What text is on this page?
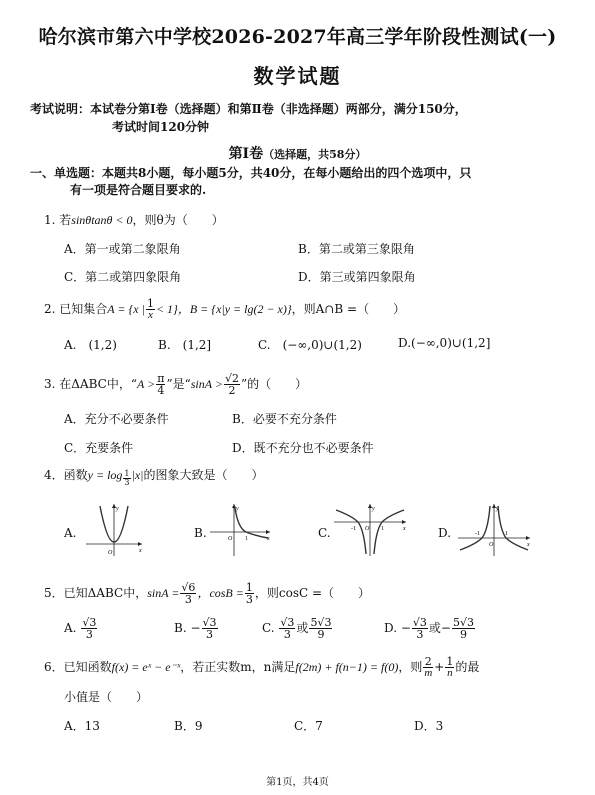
哈尔滨市第六中学校2026-2027年高三学年阶段性测试(一)
数学试题
考试说明：本试卷分第Ⅰ卷（选择题）和第Ⅱ卷（非选择题）两部分，满分150分，
考试时间120分钟
第Ⅰ卷（选择题，共58分）
一、单选题：本题共8小题，每小题5分，共40分，在每小题给出的四个选项中，只
有一项是符合题目要求的.
1. 若sinθtanθ < 0，则θ为（　　）
A．第一或第二象限角	B．第二或第三象限角
C．第二或第四象限角	D．第三或第四象限角
2. 已知集合A = {x | $\frac{1}{x} < 1$}，B = {x|y = lg(2 − x)}，则A∩B =（　　）
A.　(1,2)	B.　(1,2]	C.　(−∞,0)∪(1,2)	D.(−∞,0)∪(1,2]
3. 在ΔABC中，“$A > \frac{\pi}{4}$ ”是“$\sin A > \frac{√2}{2}$ ”的（　　）
A．充分不必要条件	B．必要不充分条件
C．充要条件	D．既不充分也不必要条件
4．函数$y = \log \frac{1}{3} |x|$的图象大致是（　　）
A.	B.	C.	D.
O	x
y
O 1	x
y
-1 O 1	x
y
-1
O
1
x
y
5．已知ΔABC中，$\sin A = \frac{√6}{3}$ ，$\cos B = \frac{1}{3}$ ，则cosC =（　　）
A. $\frac{√3}{3}$	B. − $\frac{√3}{3}$	C. $\frac{√3}{3}$ 或 $\frac{5√3}{9}$	D. − $\frac{√3}{3}$ 或− $\frac{5√3}{9}$
6．已知函数f(x) = eˣ − e⁻ˣ，若正实数m，n满足f(2m) + f(n−1) = f(0)，则 $\frac{2}{m} + \frac{1}{n}$ 的最
小值是（　　）
A．13	B．9	C．7	D．3
第1页，共4页
